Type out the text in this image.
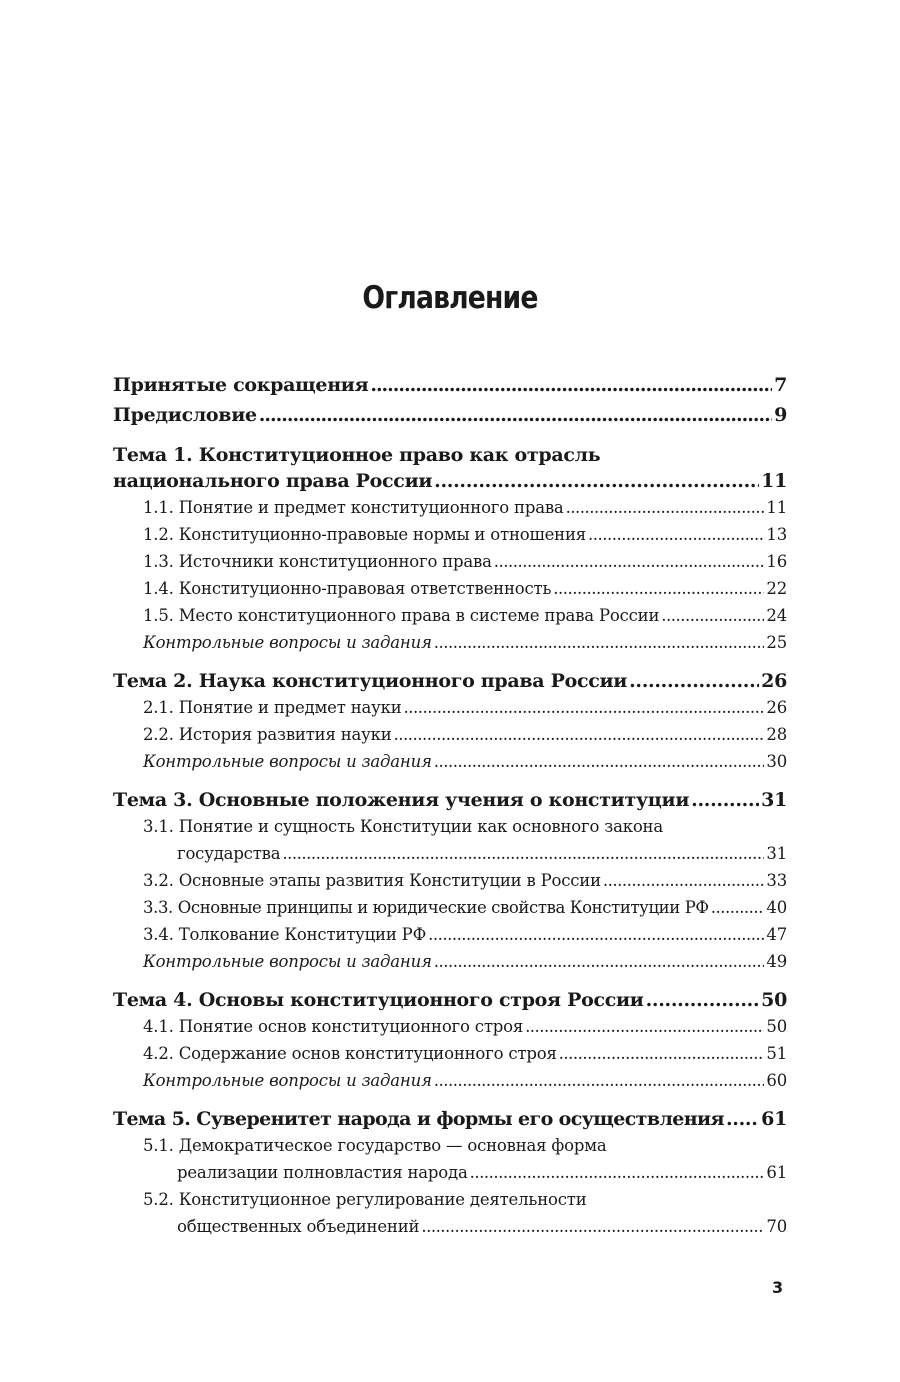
Оглавление
Принятые сокращения .....	7
Предисловие .....	9
Тема 1. Конституционное право как отрасль
национального права России .....	11
1.1. Понятие и предмет конституционного права .....	11
1.2. Конституционно-правовые нормы и отношения .....	13
1.3. Источники конституционного права .....	16
1.4. Конституционно-правовая ответственность .....	22
1.5. Место конституционного права в системе права России .....	24
Контрольные вопросы и задания .....	25
Тема 2. Наука конституционного права России .....	26
2.1. Понятие и предмет науки .....	26
2.2. История развития науки .....	28
Контрольные вопросы и задания .....	30
Тема 3. Основные положения учения о конституции .....	31
3.1. Понятие и сущность Конституции как основного закона
государства .....	31
3.2. Основные этапы развития Конституции в России .....	33
3.3. Основные принципы и юридические свойства Конституции РФ .....	40
3.4. Толкование Конституции РФ .....	47
Контрольные вопросы и задания .....	49
Тема 4. Основы конституционного строя России .....	50
4.1. Понятие основ конституционного строя .....	50
4.2. Содержание основ конституционного строя .....	51
Контрольные вопросы и задания .....	60
Тема 5. Суверенитет народа и формы его осуществления ..... 61
5.1. Демократическое государство — основная форма
реализации полновластия народа .....	61
5.2. Конституционное регулирование деятельности
общественных объединений .....	70
3
